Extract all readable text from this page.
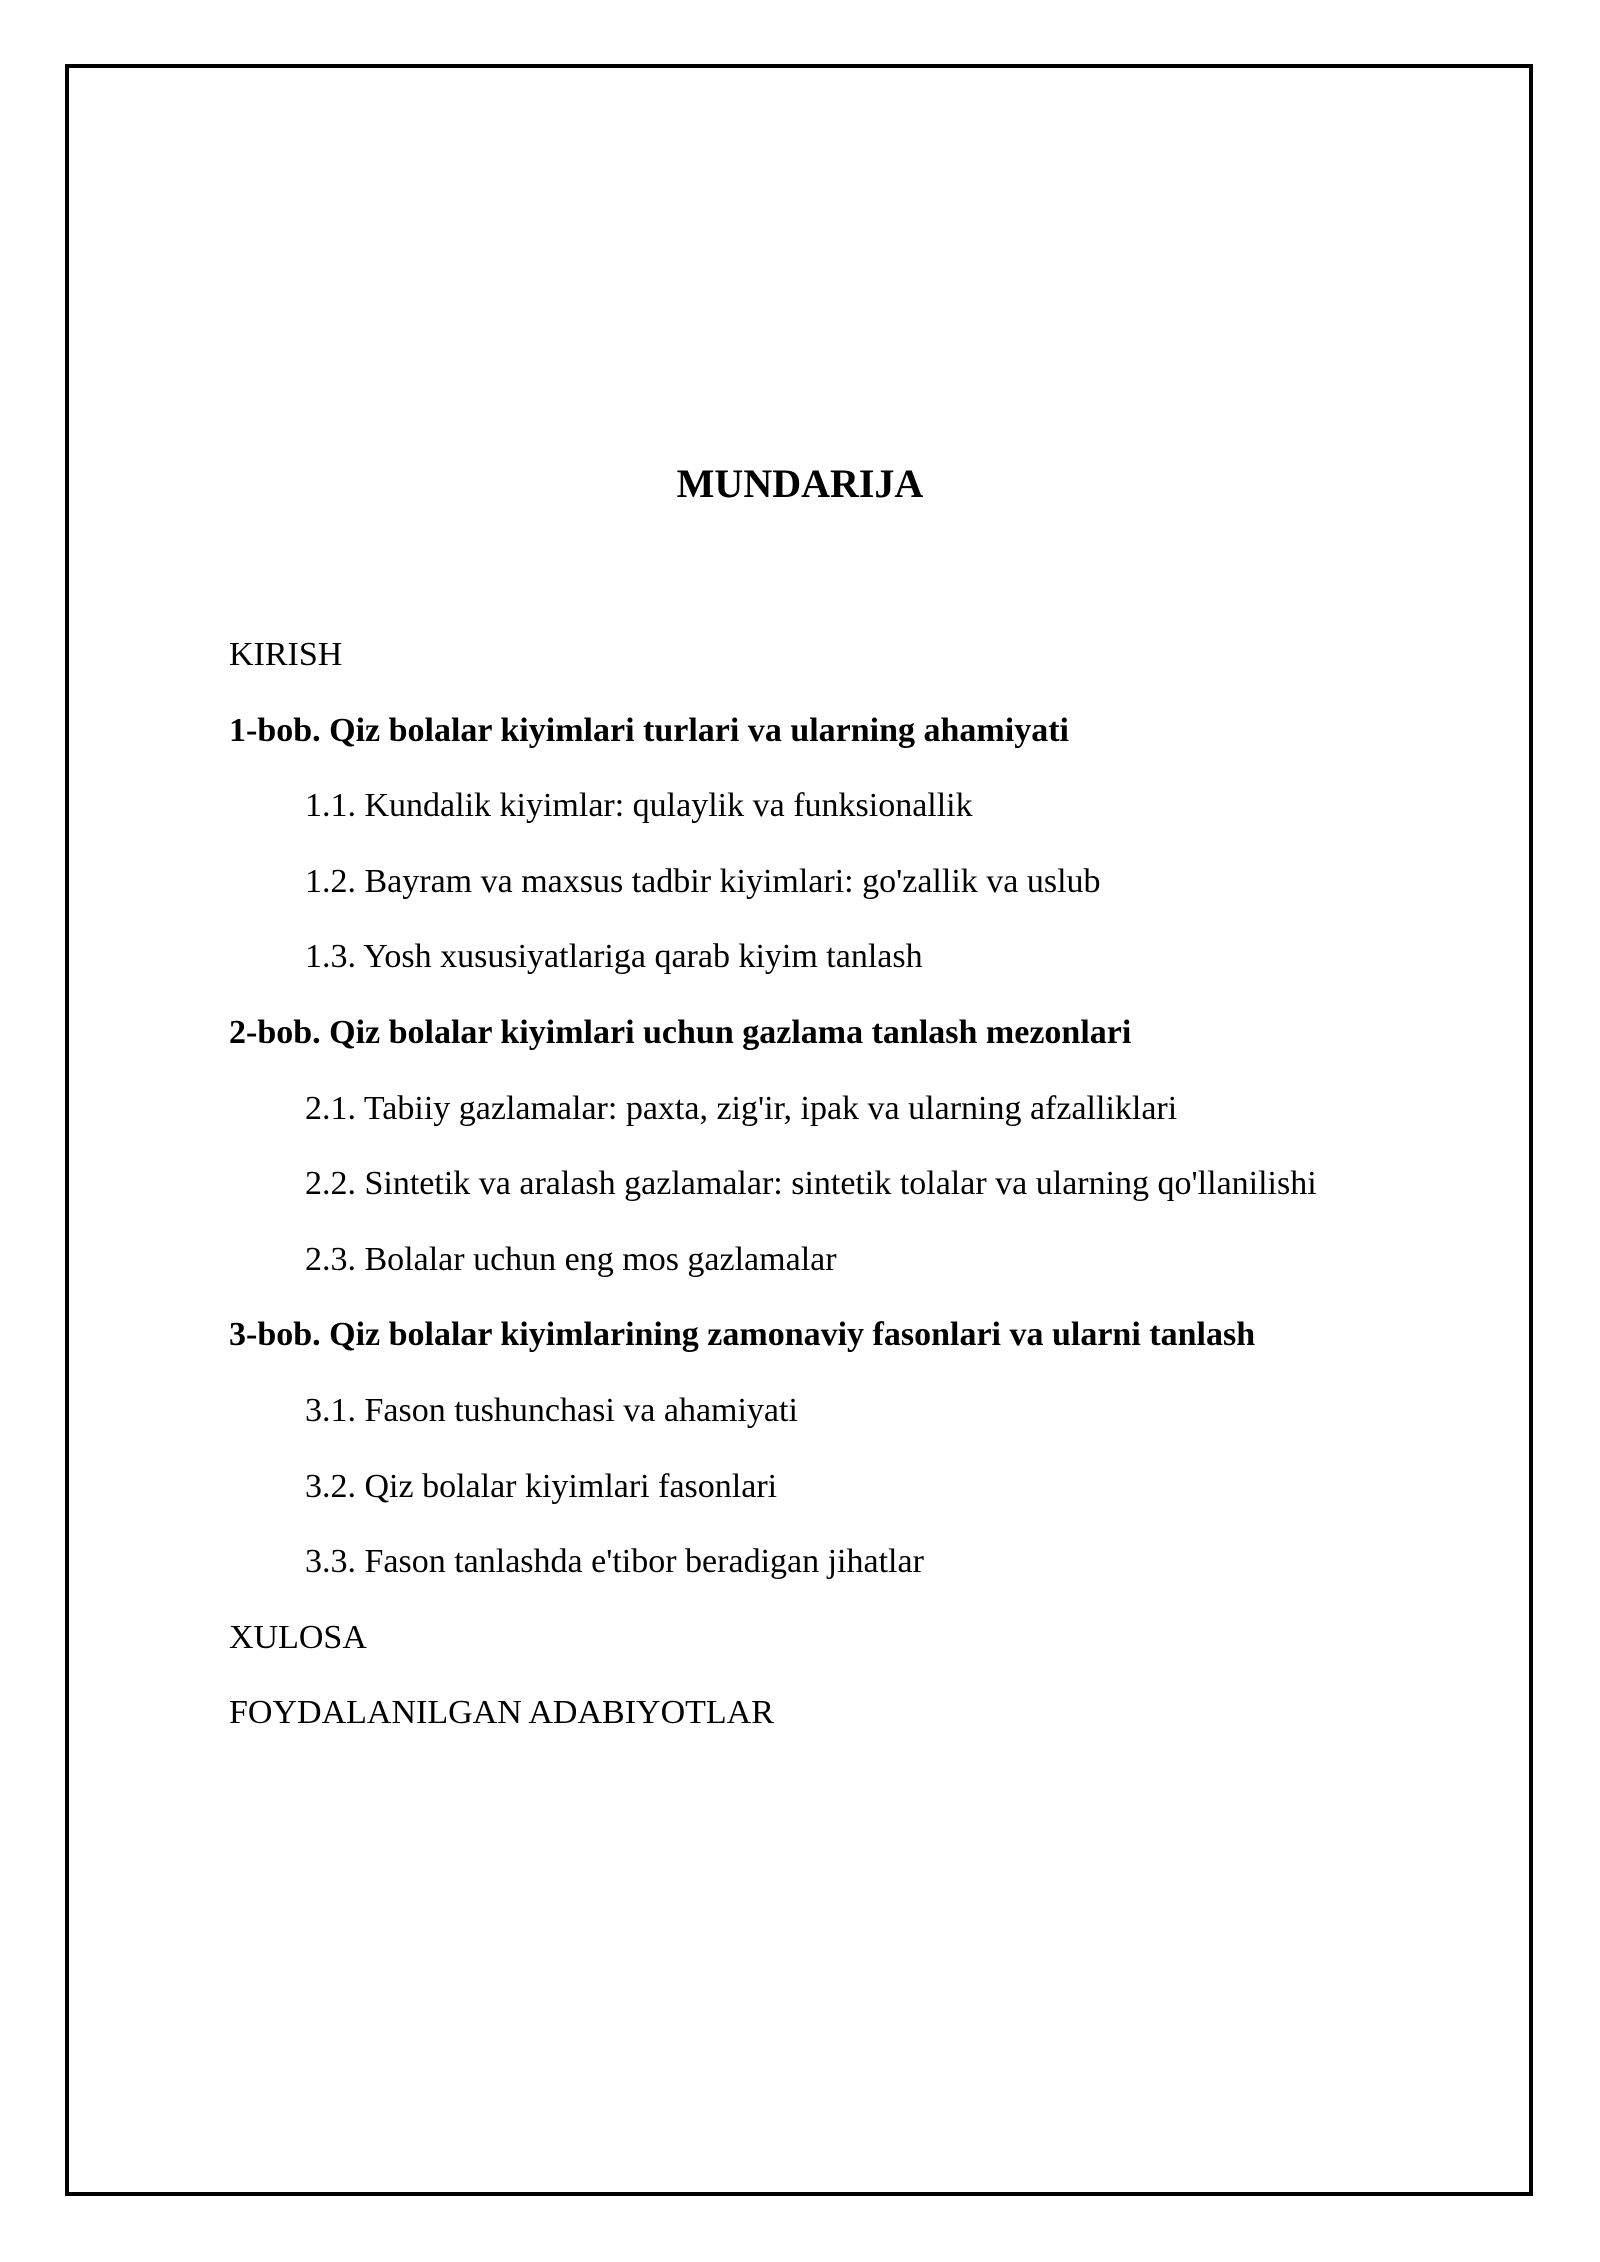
MUNDARIJA
KIRISH
1-bob. Qiz bolalar kiyimlari turlari va ularning ahamiyati
1.1. Kundalik kiyimlar: qulaylik va funksionallik
1.2. Bayram va maxsus tadbir kiyimlari: go'zallik va uslub
1.3. Yosh xususiyatlariga qarab kiyim tanlash
2-bob. Qiz bolalar kiyimlari uchun gazlama tanlash mezonlari
2.1. Tabiiy gazlamalar: paxta, zig'ir, ipak va ularning afzalliklari
2.2. Sintetik va aralash gazlamalar: sintetik tolalar va ularning qo'llanilishi
2.3. Bolalar uchun eng mos gazlamalar
3-bob. Qiz bolalar kiyimlarining zamonaviy fasonlari va ularni tanlash
3.1. Fason tushunchasi va ahamiyati
3.2. Qiz bolalar kiyimlari fasonlari
3.3. Fason tanlashda e'tibor beradigan jihatlar
XULOSA
FOYDALANILGAN ADABIYOTLAR
